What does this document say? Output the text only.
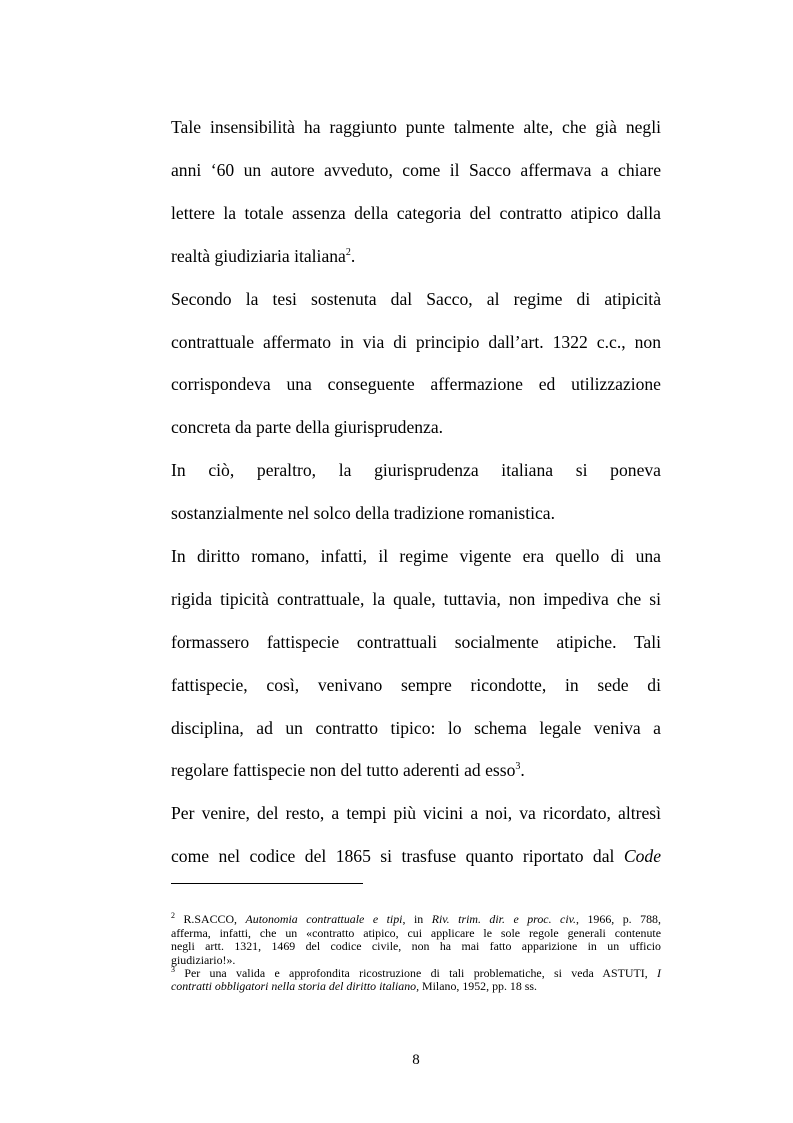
Tale insensibilità ha raggiunto punte talmente alte, che già negli
anni ‘60 un autore avveduto, come il Sacco affermava a chiare
lettere la totale assenza della categoria del contratto atipico dalla
realtà giudiziaria italiana$^2$.
Secondo la tesi sostenuta dal Sacco, al regime di atipicità
contrattuale affermato in via di principio dall’art. 1322 c.c., non
corrispondeva una conseguente affermazione ed utilizzazione
concreta da parte della giurisprudenza.
In ciò, peraltro, la giurisprudenza italiana si poneva
sostanzialmente nel solco della tradizione romanistica.
In diritto romano, infatti, il regime vigente era quello di una
rigida tipicità contrattuale, la quale, tuttavia, non impediva che si
formassero fattispecie contrattuali socialmente atipiche. Tali
fattispecie, così, venivano sempre ricondotte, in sede di
disciplina, ad un contratto tipico: lo schema legale veniva a
regolare fattispecie non del tutto aderenti ad esso$^3$.
Per venire, del resto, a tempi più vicini a noi, va ricordato, altresì
come nel codice del 1865 si trasfuse quanto riportato dal Code
$^2$ R.SACCO, Autonomia contrattuale e tipi, in Riv. trim. dir. e proc. civ., 1966, p. 788,
afferma, infatti, che un «contratto atipico, cui applicare le sole regole generali contenute
negli artt. 1321, 1469 del codice civile, non ha mai fatto apparizione in un ufficio
giudiziario!».
$^3$ Per una valida e approfondita ricostruzione di tali problematiche, si veda ASTUTI, I
contratti obbligatori nella storia del diritto italiano, Milano, 1952, pp. 18 ss.
8
